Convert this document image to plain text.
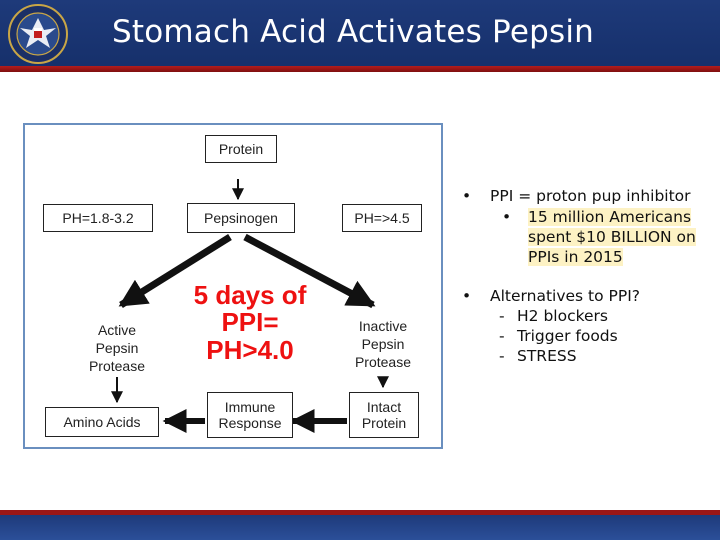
Stomach Acid Activates Pepsin
Protein
Pepsinogen
PH=1.8-3.2	PH=>4.5
Active
Pepsin
Protease
Inactive
Pepsin
Protease
5 days of
PPI=
PH>4.0
Amino Acids
Immune
Response
Intact
Protein
• PPI = proton pup inhibitor
• 15 million Americans
spent $10 BILLION on
PPIs in 2015
• Alternatives to PPI?
- H2 blockers
- Trigger foods
- STRESS
